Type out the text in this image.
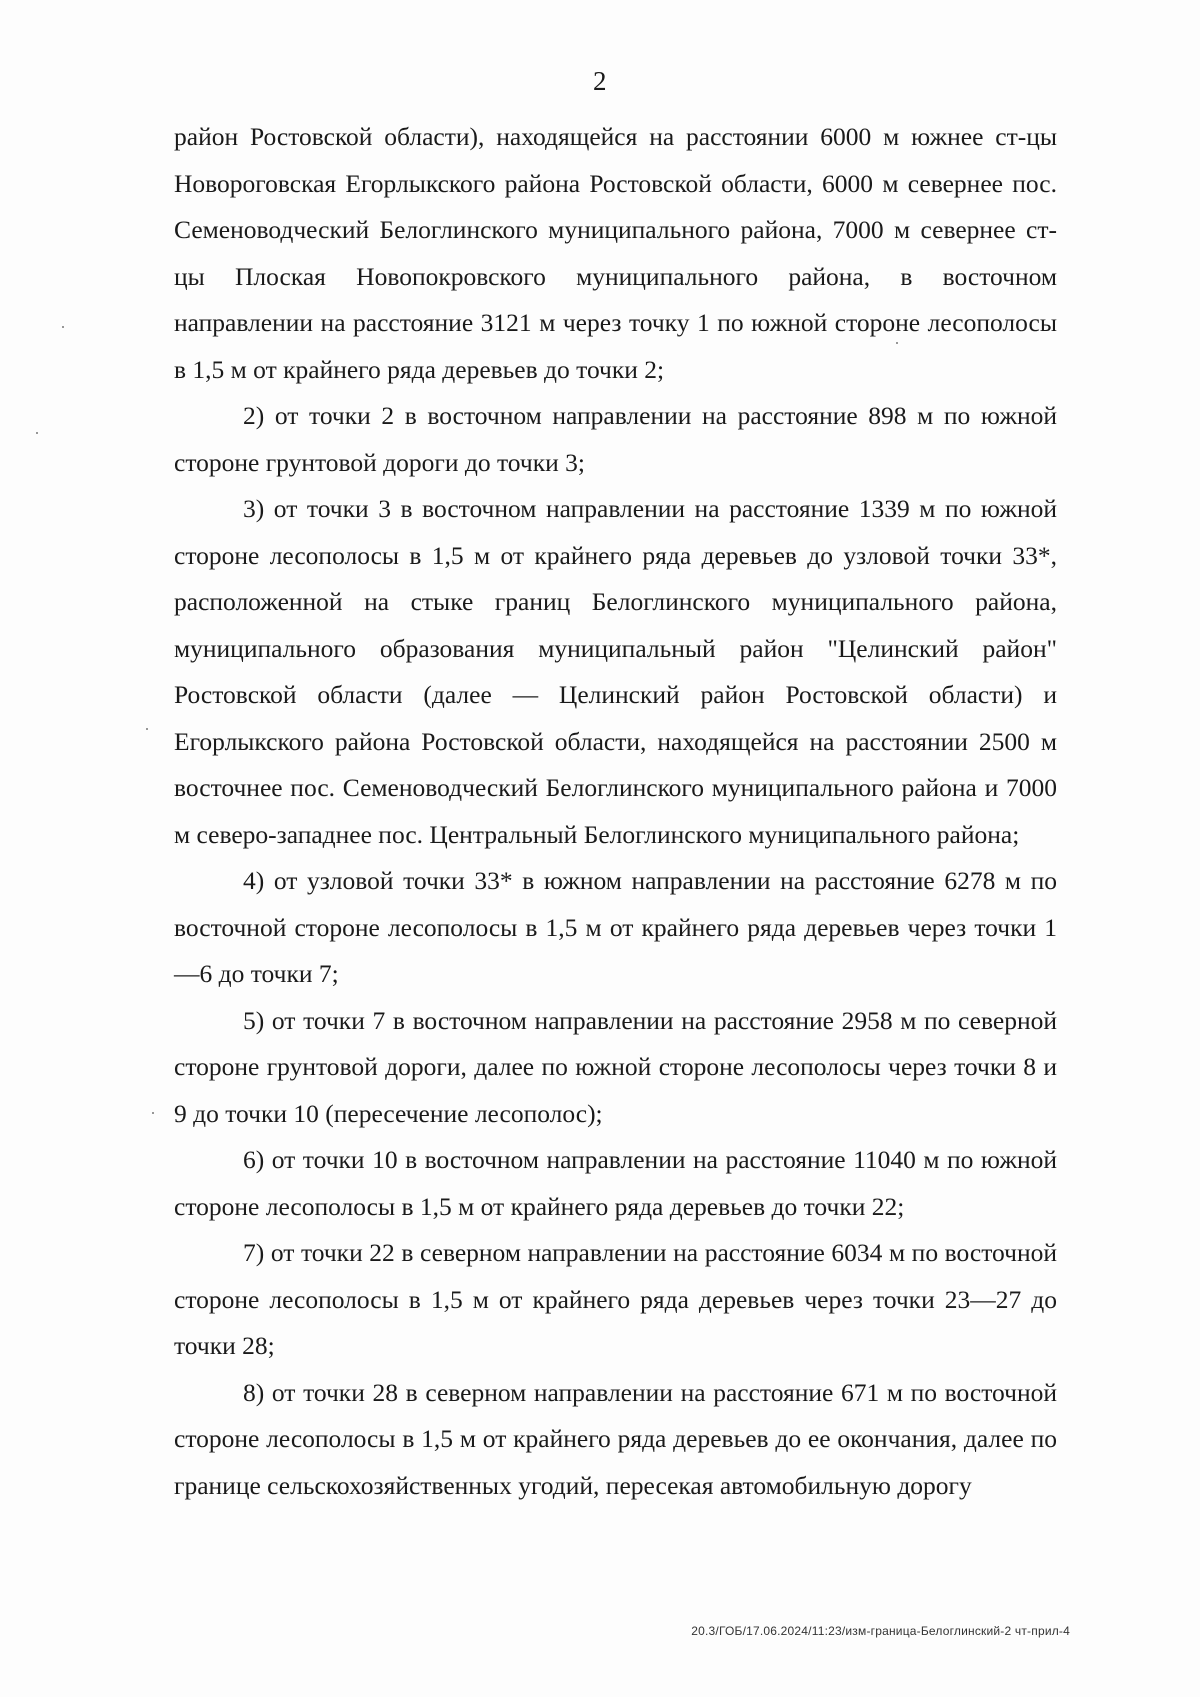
2

район Ростовской области), находящейся на расстоянии 6000 м южнее ст-цы Новороговская Егорлыкского района Ростовской области, 6000 м севернее пос. Семеноводческий Белоглинского муниципального района, 7000 м севернее ст-цы Плоская Новопокровского муниципального района, в восточном направлении на расстояние 3121 м через точку 1 по южной стороне лесополосы в 1,5 м от крайнего ряда деревьев до точки 2;

2) от точки 2 в восточном направлении на расстояние 898 м по южной стороне грунтовой дороги до точки 3;

3) от точки 3 в восточном направлении на расстояние 1339 м по южной стороне лесополосы в 1,5 м от крайнего ряда деревьев до узловой точки 33*, расположенной на стыке границ Белоглинского муниципального района, муниципального образования муниципальный район "Целинский район" Ростовской области (далее — Целинский район Ростовской области) и Егорлыкского района Ростовской области, находящейся на расстоянии 2500 м восточнее пос. Семеноводческий Белоглинского муниципального района и 7000 м северо-западнее пос. Центральный Белоглинского муниципального района;

4) от узловой точки 33* в южном направлении на расстояние 6278 м по восточной стороне лесополосы в 1,5 м от крайнего ряда деревьев через точки 1—6 до точки 7;

5) от точки 7 в восточном направлении на расстояние 2958 м по северной стороне грунтовой дороги, далее по южной стороне лесополосы через точки 8 и 9 до точки 10 (пересечение лесополос);

6) от точки 10 в восточном направлении на расстояние 11040 м по южной стороне лесополосы в 1,5 м от крайнего ряда деревьев до точки 22;

7) от точки 22 в северном направлении на расстояние 6034 м по восточной стороне лесополосы в 1,5 м от крайнего ряда деревьев через точки 23—27 до точки 28;

8) от точки 28 в северном направлении на расстояние 671 м по восточной стороне лесополосы в 1,5 м от крайнего ряда деревьев до ее окончания, далее по границе сельскохозяйственных угодий, пересекая автомобильную дорогу

20.3/ГОБ/17.06.2024/11:23/изм-граница-Белоглинский-2 чт-прил-4
